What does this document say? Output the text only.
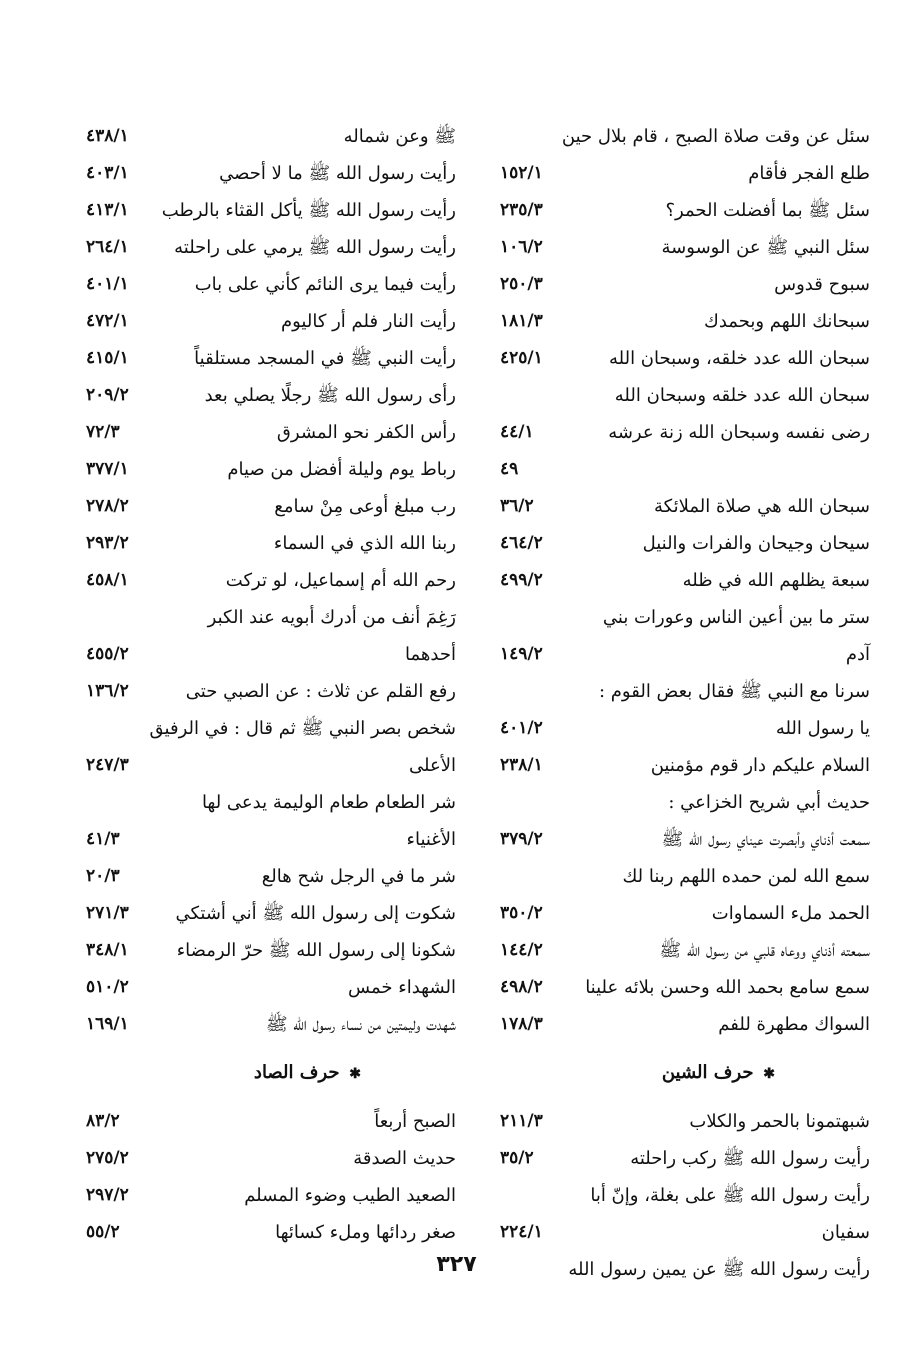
سئل عن وقت صلاة الصبح ، قام بلال حين
طلع الفجر فأقام
١٥٢/١
سئل ﷺ بما أفضلت الحمر؟
٢٣٥/٣
سئل النبي ﷺ عن الوسوسة
١٠٦/٢
سبوح قدوس
٢٥٠/٣
سبحانك اللهم وبحمدك
١٨١/٣
سبحان الله عدد خلقه، وسبحان الله
٤٢٥/١
سبحان الله عدد خلقه وسبحان الله
رضى نفسه وسبحان الله زنة عرشه
٤٤/١
٤٩
سبحان الله هي صلاة الملائكة
٣٦/٢
سيحان وجيحان والفرات والنيل
٤٦٤/٢
سبعة يظلهم الله في ظله
٤٩٩/٢
ستر ما بين أعين الناس وعورات بني
آدم
١٤٩/٢
سرنا مع النبي ﷺ فقال بعض القوم :
يا رسول الله
٤٠١/٢
السلام عليكم دار قوم مؤمنين
٢٣٨/١
حديث أبي شريح الخزاعي :
سمعت أذناي وأبصرت عيناي رسول الله ﷺ
٣٧٩/٢
سمع الله لمن حمده اللهم ربنا لك
الحمد ملء السماوات
٣٥٠/٢
سمعته أذناي ووعاه قلبي من رسول الله ﷺ
١٤٤/٢
سمع سامع بحمد الله وحسن بلائه علينا
٤٩٨/٢
السواك مطهرة للفم
١٧٨/٣
✱  حرف الشين
شبهتمونا بالحمر والكلاب
٢١١/٣
رأيت رسول الله ﷺ ركب راحلته
٣٥/٢
رأيت رسول الله ﷺ على بغلة، وإنّ أبا
سفيان
٢٢٤/١
رأيت رسول الله ﷺ عن يمين رسول الله
ﷺ وعن شماله
٤٣٨/١
رأيت رسول الله ﷺ ما لا أحصي
٤٠٣/١
رأيت رسول الله ﷺ يأكل القثاء بالرطب
٤١٣/١
رأيت رسول الله ﷺ يرمي على راحلته
٢٦٤/١
رأيت فيما يرى النائم كأني على باب
٤٠١/١
رأيت النار فلم أر كاليوم
٤٧٢/١
رأيت النبي ﷺ في المسجد مستلقياً
٤١٥/١
رأى رسول الله ﷺ رجلًا يصلي بعد
٢٠٩/٢
رأس الكفر نحو المشرق
٧٢/٣
رباط يوم وليلة أفضل من صيام
٣٧٧/١
رب مبلغ أوعى مِنْ سامع
٢٧٨/٢
ربنا الله الذي في السماء
٢٩٣/٢
رحم الله أم إسماعيل، لو تركت
٤٥٨/١
رَغِمَ أنف من أدرك أبويه عند الكبر
أحدهما
٤٥٥/٢
رفع القلم عن ثلاث : عن الصبي حتى
١٣٦/٢
شخص بصر النبي ﷺ ثم قال : في الرفيق
الأعلى
٢٤٧/٣
شر الطعام طعام الوليمة يدعى لها
الأغنياء
٤١/٣
شر ما في الرجل شح هالع
٢٠/٣
شكوت إلى رسول الله ﷺ أني أشتكي
٢٧١/٣
شكونا إلى رسول الله ﷺ حرّ الرمضاء
٣٤٨/١
الشهداء خمس
٥١٠/٢
شهدت وليمتين من نساء رسول الله ﷺ
١٦٩/١
✱  حرف الصاد
الصبح أربعاً
٨٣/٢
حديث الصدقة
٢٧٥/٢
الصعيد الطيب وضوء المسلم
٢٩٧/٢
صغر ردائها وملء كسائها
٥٥/٢
٣٢٧
